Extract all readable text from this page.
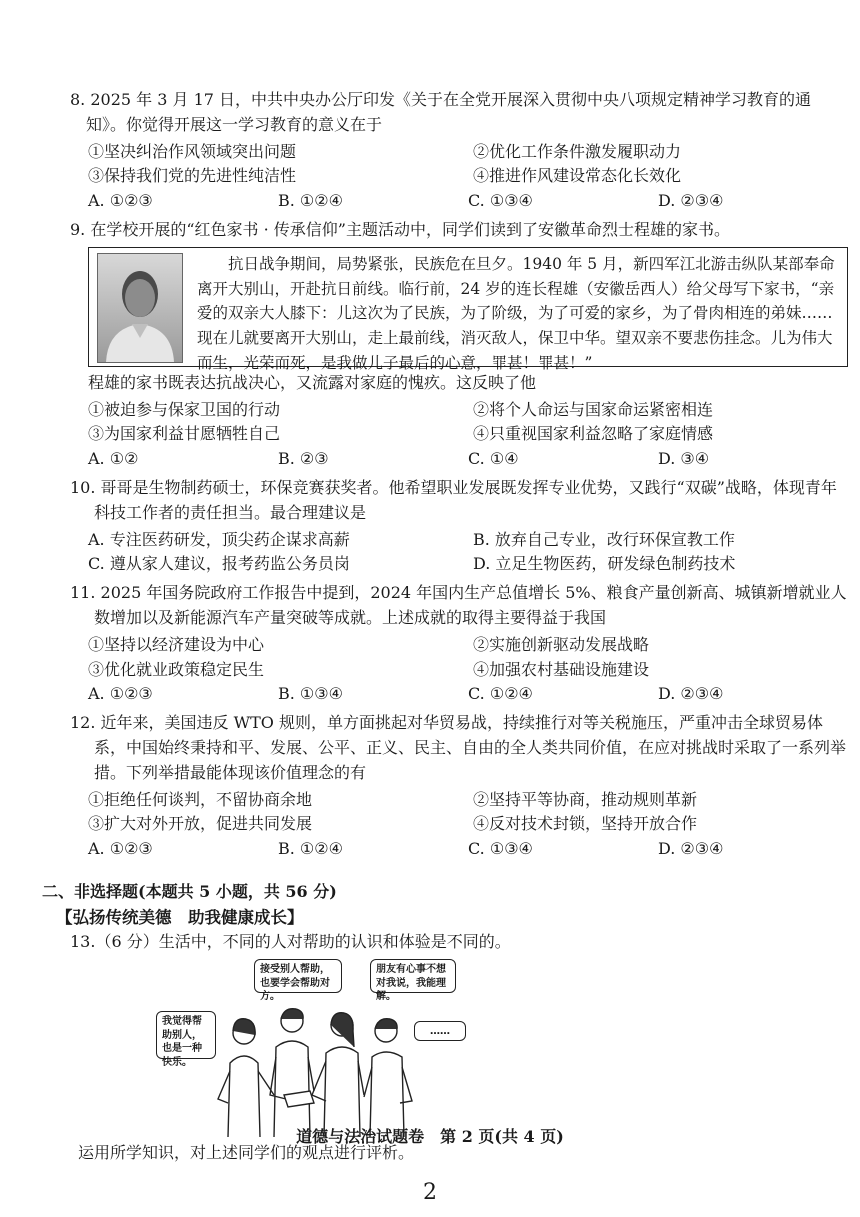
8. 2025 年 3 月 17 日，中共中央办公厅印发《关于在全党开展深入贯彻中央八项规定精神学习教育的通知》。你觉得开展这一学习教育的意义在于

①坚决纠治作风领域突出问题	②优化工作条件激发履职动力
③保持我们党的先进性纯洁性	④推进作风建设常态化长效化
A. ①②③	B. ①②④	C. ①③④	D. ②③④

9. 在学校开展的“红色家书 · 传承信仰”主题活动中，同学们读到了安徽革命烈士程雄的家书。

抗日战争期间，局势紧张，民族危在旦夕。1940 年 5 月，新四军江北游击纵队某部奉命离开大别山，开赴抗日前线。临行前，24 岁的连长程雄（安徽岳西人）给父母写下家书，“亲爱的双亲大人膝下：儿这次为了民族，为了阶级，为了可爱的家乡，为了骨肉相连的弟妹……现在儿就要离开大别山，走上最前线，消灭敌人，保卫中华。望双亲不要悲伤挂念。儿为伟大而生，光荣而死，是我做儿子最后的心意，罪甚！罪甚！”

程雄的家书既表达抗战决心，又流露对家庭的愧疚。这反映了他

①被迫参与保家卫国的行动	②将个人命运与国家命运紧密相连
③为国家利益甘愿牺牲自己	④只重视国家利益忽略了家庭情感
A. ①②	B. ②③	C. ①④	D. ③④

10. 哥哥是生物制药硕士，环保竞赛获奖者。他希望职业发展既发挥专业优势，又践行“双碳”战略，体现青年科技工作者的责任担当。最合理建议是

A. 专注医药研发，顶尖药企谋求高薪	B. 放弃自己专业，改行环保宣教工作
C. 遵从家人建议，报考药监公务员岗	D. 立足生物医药，研发绿色制药技术

11. 2025 年国务院政府工作报告中提到，2024 年国内生产总值增长 5%、粮食产量创新高、城镇新增就业人数增加以及新能源汽车产量突破等成就。上述成就的取得主要得益于我国

①坚持以经济建设为中心	②实施创新驱动发展战略
③优化就业政策稳定民生	④加强农村基础设施建设
A. ①②③	B. ①③④	C. ①②④	D. ②③④

12. 近年来，美国违反 WTO 规则，单方面挑起对华贸易战，持续推行对等关税施压，严重冲击全球贸易体系，中国始终秉持和平、发展、公平、正义、民主、自由的全人类共同价值，在应对挑战时采取了一系列举措。下列举措最能体现该价值理念的有

①拒绝任何谈判，不留协商余地	②坚持平等协商，推动规则革新
③扩大对外开放，促进共同发展	④反对技术封锁，坚持开放合作
A. ①②③	B. ①②④	C. ①③④	D. ②③④
二、非选择题(本题共 5 小题，共 56 分)
【弘扬传统美德　助我健康成长】

13.（6 分）生活中，不同的人对帮助的认识和体验是不同的。

接受别人帮助，也要学会帮助对方。
朋友有心事不想对我说，我能理解。
我觉得帮助别人，也是一种快乐。
……

运用所学知识，对上述同学们的观点进行评析。

道德与法治试题卷　第 2 页(共 4 页)
2
